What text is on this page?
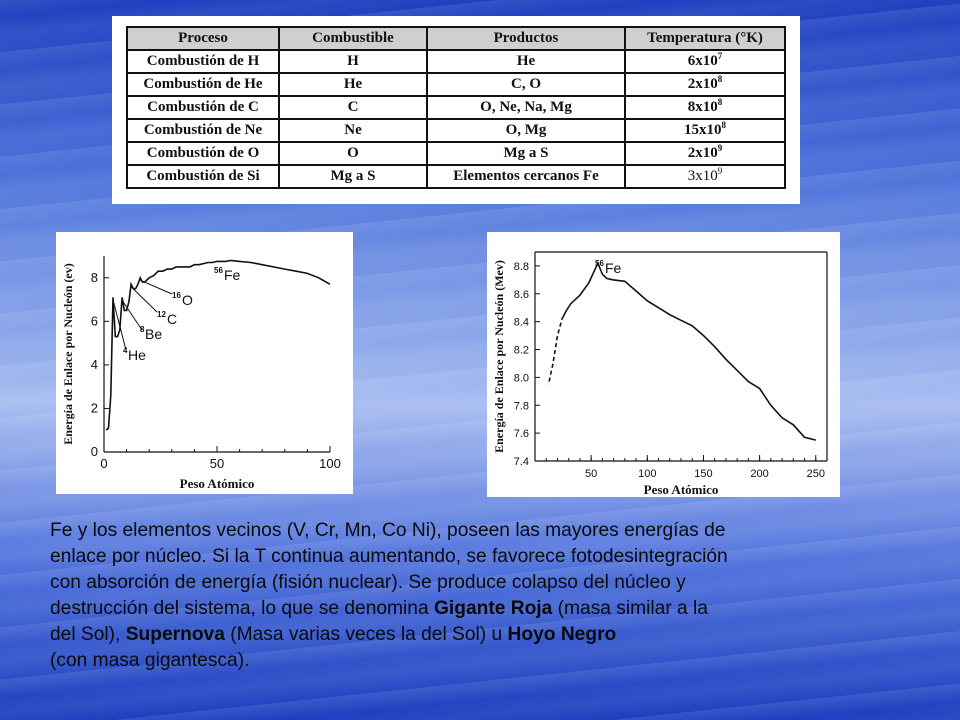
Proceso	Combustible	Productos	Temperatura (°K)
Combustión de H	H	He	$6x10^7$
Combustión de He	He	C, O	$2x10^8$
Combustión de C	C	O, Ne, Na, Mg	$8x10^8$
Combustión de Ne	Ne	O, Mg	$15x10^8$
Combustión de O	O	Mg a S	$2x10^9$
Combustión de Si	Mg a S	Elementos cercanos Fe	$3x10^9$
0
2
4
6
8
0	50	100
Peso Atómico
Energía de Enlace por Nucleón (ev)	56 Fe
16 O
12 C
8 Be
4 He
7.4
7.6
7.8
8.0
8.2
8.4
8.6
8.8
50	100	150	200	250
Peso Atómico
Energía de Enlace por Nucleón (Mev)	56 Fe
Fe y los elementos vecinos (V, Cr, Mn, Co Ni), poseen las mayores energías de
enlace por núcleo. Si la T continua aumentando, se favorece fotodesintegración
con absorción de energía (fisión nuclear). Se produce colapso del núcleo y
destrucción del sistema, lo que se denomina Gigante Roja (masa similar a la
del Sol), Supernova (Masa varias veces la del Sol) u Hoyo Negro
(con masa gigantesca).
